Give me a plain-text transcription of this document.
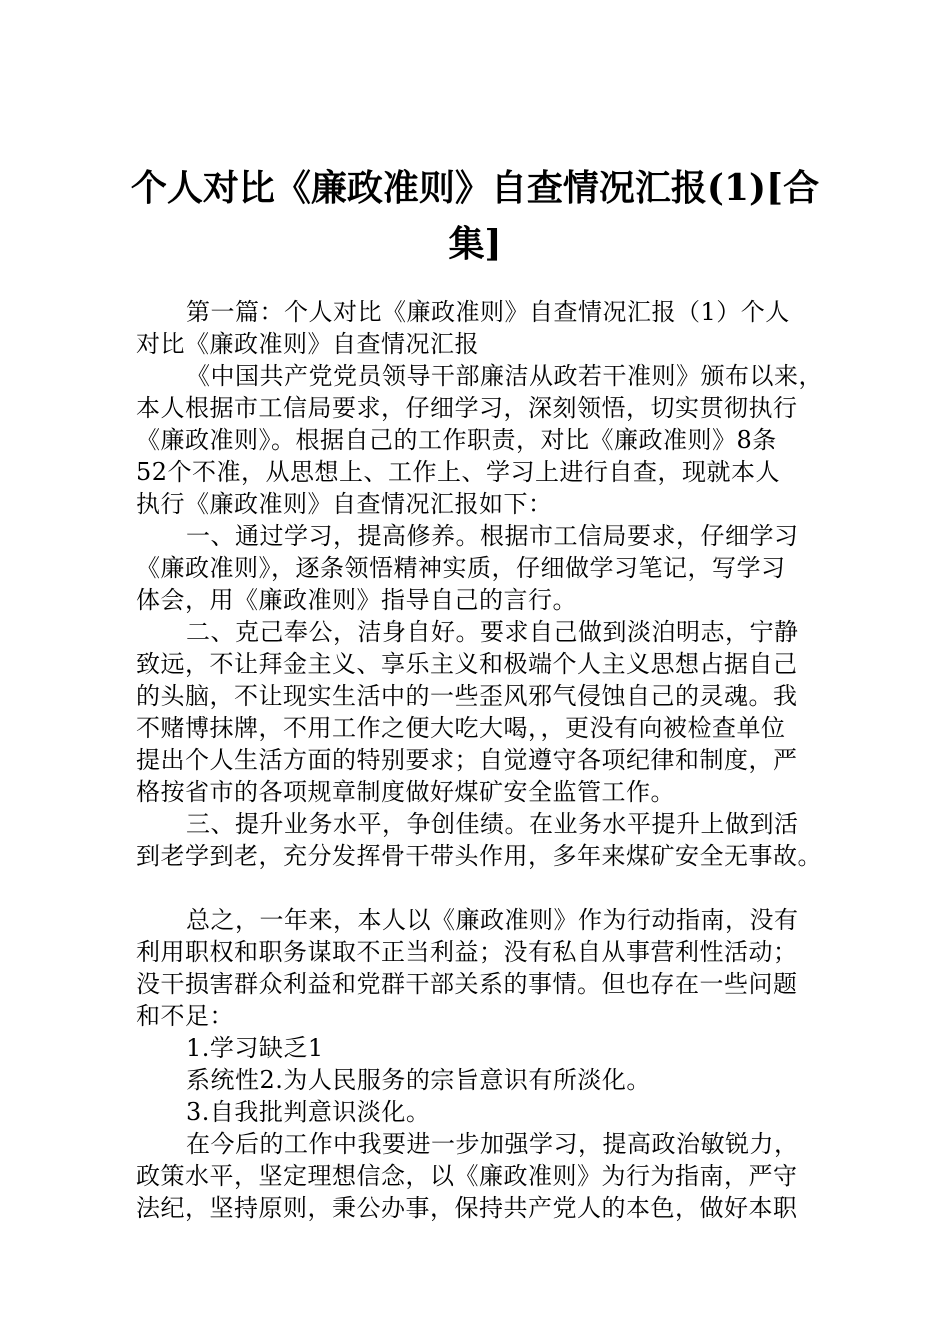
个人对比《廉政准则》自查情况汇报(1)[合
集]
第一篇：个人对比《廉政准则》自查情况汇报（1）个人
对比《廉政准则》自查情况汇报
《中国共产党党员领导干部廉洁从政若干准则》颁布以来，
本人根据市工信局要求，仔细学习，深刻领悟，切实贯彻执行
《廉政准则》。根据自己的工作职责，对比《廉政准则》8条
52个不准，从思想上、工作上、学习上进行自查，现就本人
执行《廉政准则》自查情况汇报如下：
一、通过学习，提高修养。根据市工信局要求，仔细学习
《廉政准则》，逐条领悟精神实质，仔细做学习笔记，写学习
体会，用《廉政准则》指导自己的言行。
二、克己奉公，洁身自好。要求自己做到淡泊明志，宁静
致远，不让拜金主义、享乐主义和极端个人主义思想占据自己
的头脑，不让现实生活中的一些歪风邪气侵蚀自己的灵魂。我
不赌博抹牌，不用工作之便大吃大喝，，更没有向被检查单位
提出个人生活方面的特别要求；自觉遵守各项纪律和制度，严
格按省市的各项规章制度做好煤矿安全监管工作。
三、提升业务水平，争创佳绩。在业务水平提升上做到活
到老学到老，充分发挥骨干带头作用，多年来煤矿安全无事故。
总之，一年来，本人以《廉政准则》作为行动指南，没有
利用职权和职务谋取不正当利益；没有私自从事营利性活动；
没干损害群众利益和党群干部关系的事情。但也存在一些问题
和不足：
1.学习缺乏1
系统性2.为人民服务的宗旨意识有所淡化。
3.自我批判意识淡化。
在今后的工作中我要进一步加强学习，提高政治敏锐力，
政策水平，坚定理想信念，以《廉政准则》为行为指南，严守
法纪，坚持原则，秉公办事，保持共产党人的本色，做好本职
